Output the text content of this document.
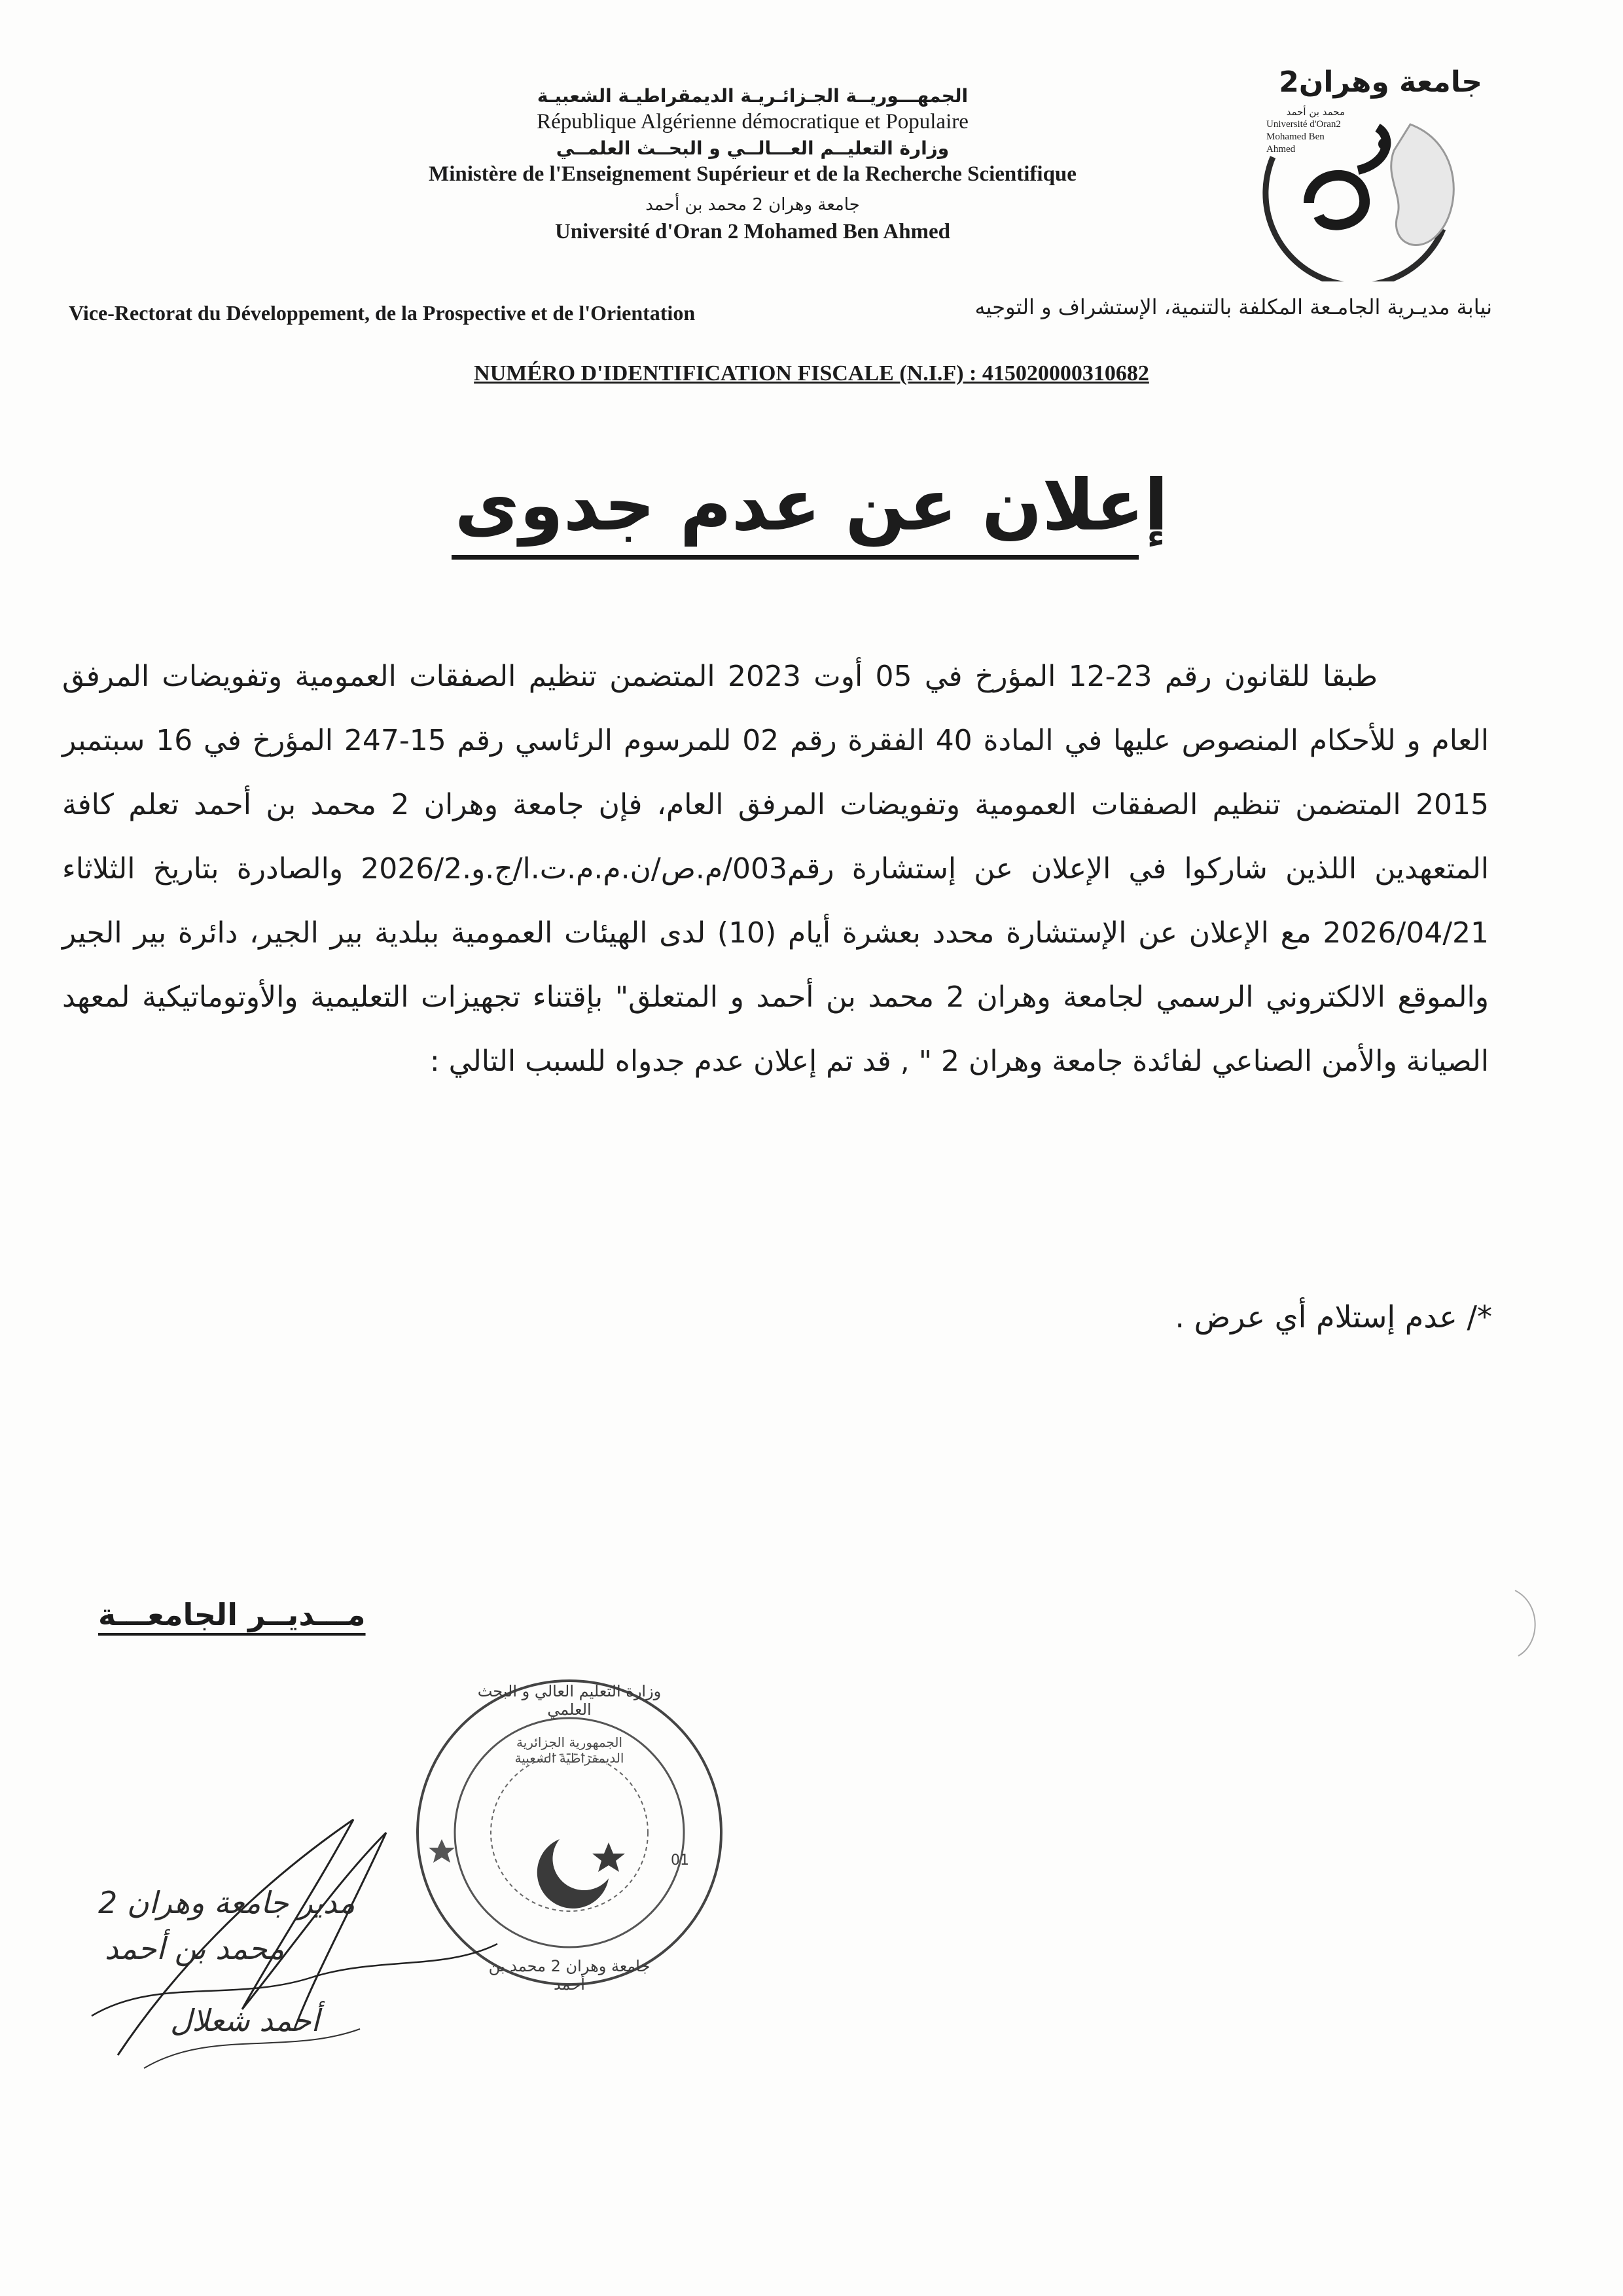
جامعة وهران2
محمد بن أحمد
Université d'Oran2
Mohamed Ben Ahmed
الجمهـــوريــة الجـزائـريـة الديمقراطيـة الشعبيـة
République Algérienne démocratique et Populaire
وزارة التعليــم العـــالــي و البحــث العلمــي
Ministère de l'Enseignement Supérieur et de la Recherche Scientifique
جامعة وهران 2 محمد بن أحمد
Université d'Oran 2 Mohamed Ben Ahmed
Vice-Rectorat du Développement, de la Prospective et de l'Orientation	نيابة مديـرية الجامـعة المكلفة بالتنمية، الإستشراف و التوجيه
NUMÉRO D'IDENTIFICATION FISCALE (N.I.F) : 415020000310682
إعلان عن عدم جدوى

طبقا للقانون رقم 23-12 المؤرخ في 05 أوت 2023 المتضمن تنظيم الصفقات العمومية وتفويضات المرفق العام و للأحكام المنصوص عليها في المادة 40 الفقرة رقم 02 للمرسوم الرئاسي رقم 15-247 المؤرخ في 16 سبتمبر 2015 المتضمن تنظيم الصفقات العمومية وتفويضات المرفق العام، فإن جامعة وهران 2 محمد بن أحمد تعلم كافة المتعهدين اللذين شاركوا في الإعلان عن إستشارة رقم003/م.ص/ن.م.م.ت.ا/ج.و.2026/2 والصادرة بتاريخ الثلاثاء 2026/04/21 مع الإعلان عن الإستشارة محدد بعشرة أيام (10) لدى الهيئات العمومية ببلدية بير الجير، دائرة بير الجير والموقع الالكتروني الرسمي لجامعة وهران 2 محمد بن أحمد و المتعلق" بإقتناء تجهيزات التعليمية والأوتوماتيكية لمعهد الصيانة والأمن الصناعي لفائدة جامعة وهران 2 " , قد تم إعلان عدم جدواه للسبب التالي :

*/ عدم إستلام أي عرض .
مـــديــر الجامعـــة
وزارة التعليم العالي و البحث العلمي
الجمهورية الجزائرية الديمقراطية الشعبية
جامعة وهران 2 محمد بن أحمد
01
مدير جامعة وهران 2
محمد بن أحمد
أحمد شعلال
